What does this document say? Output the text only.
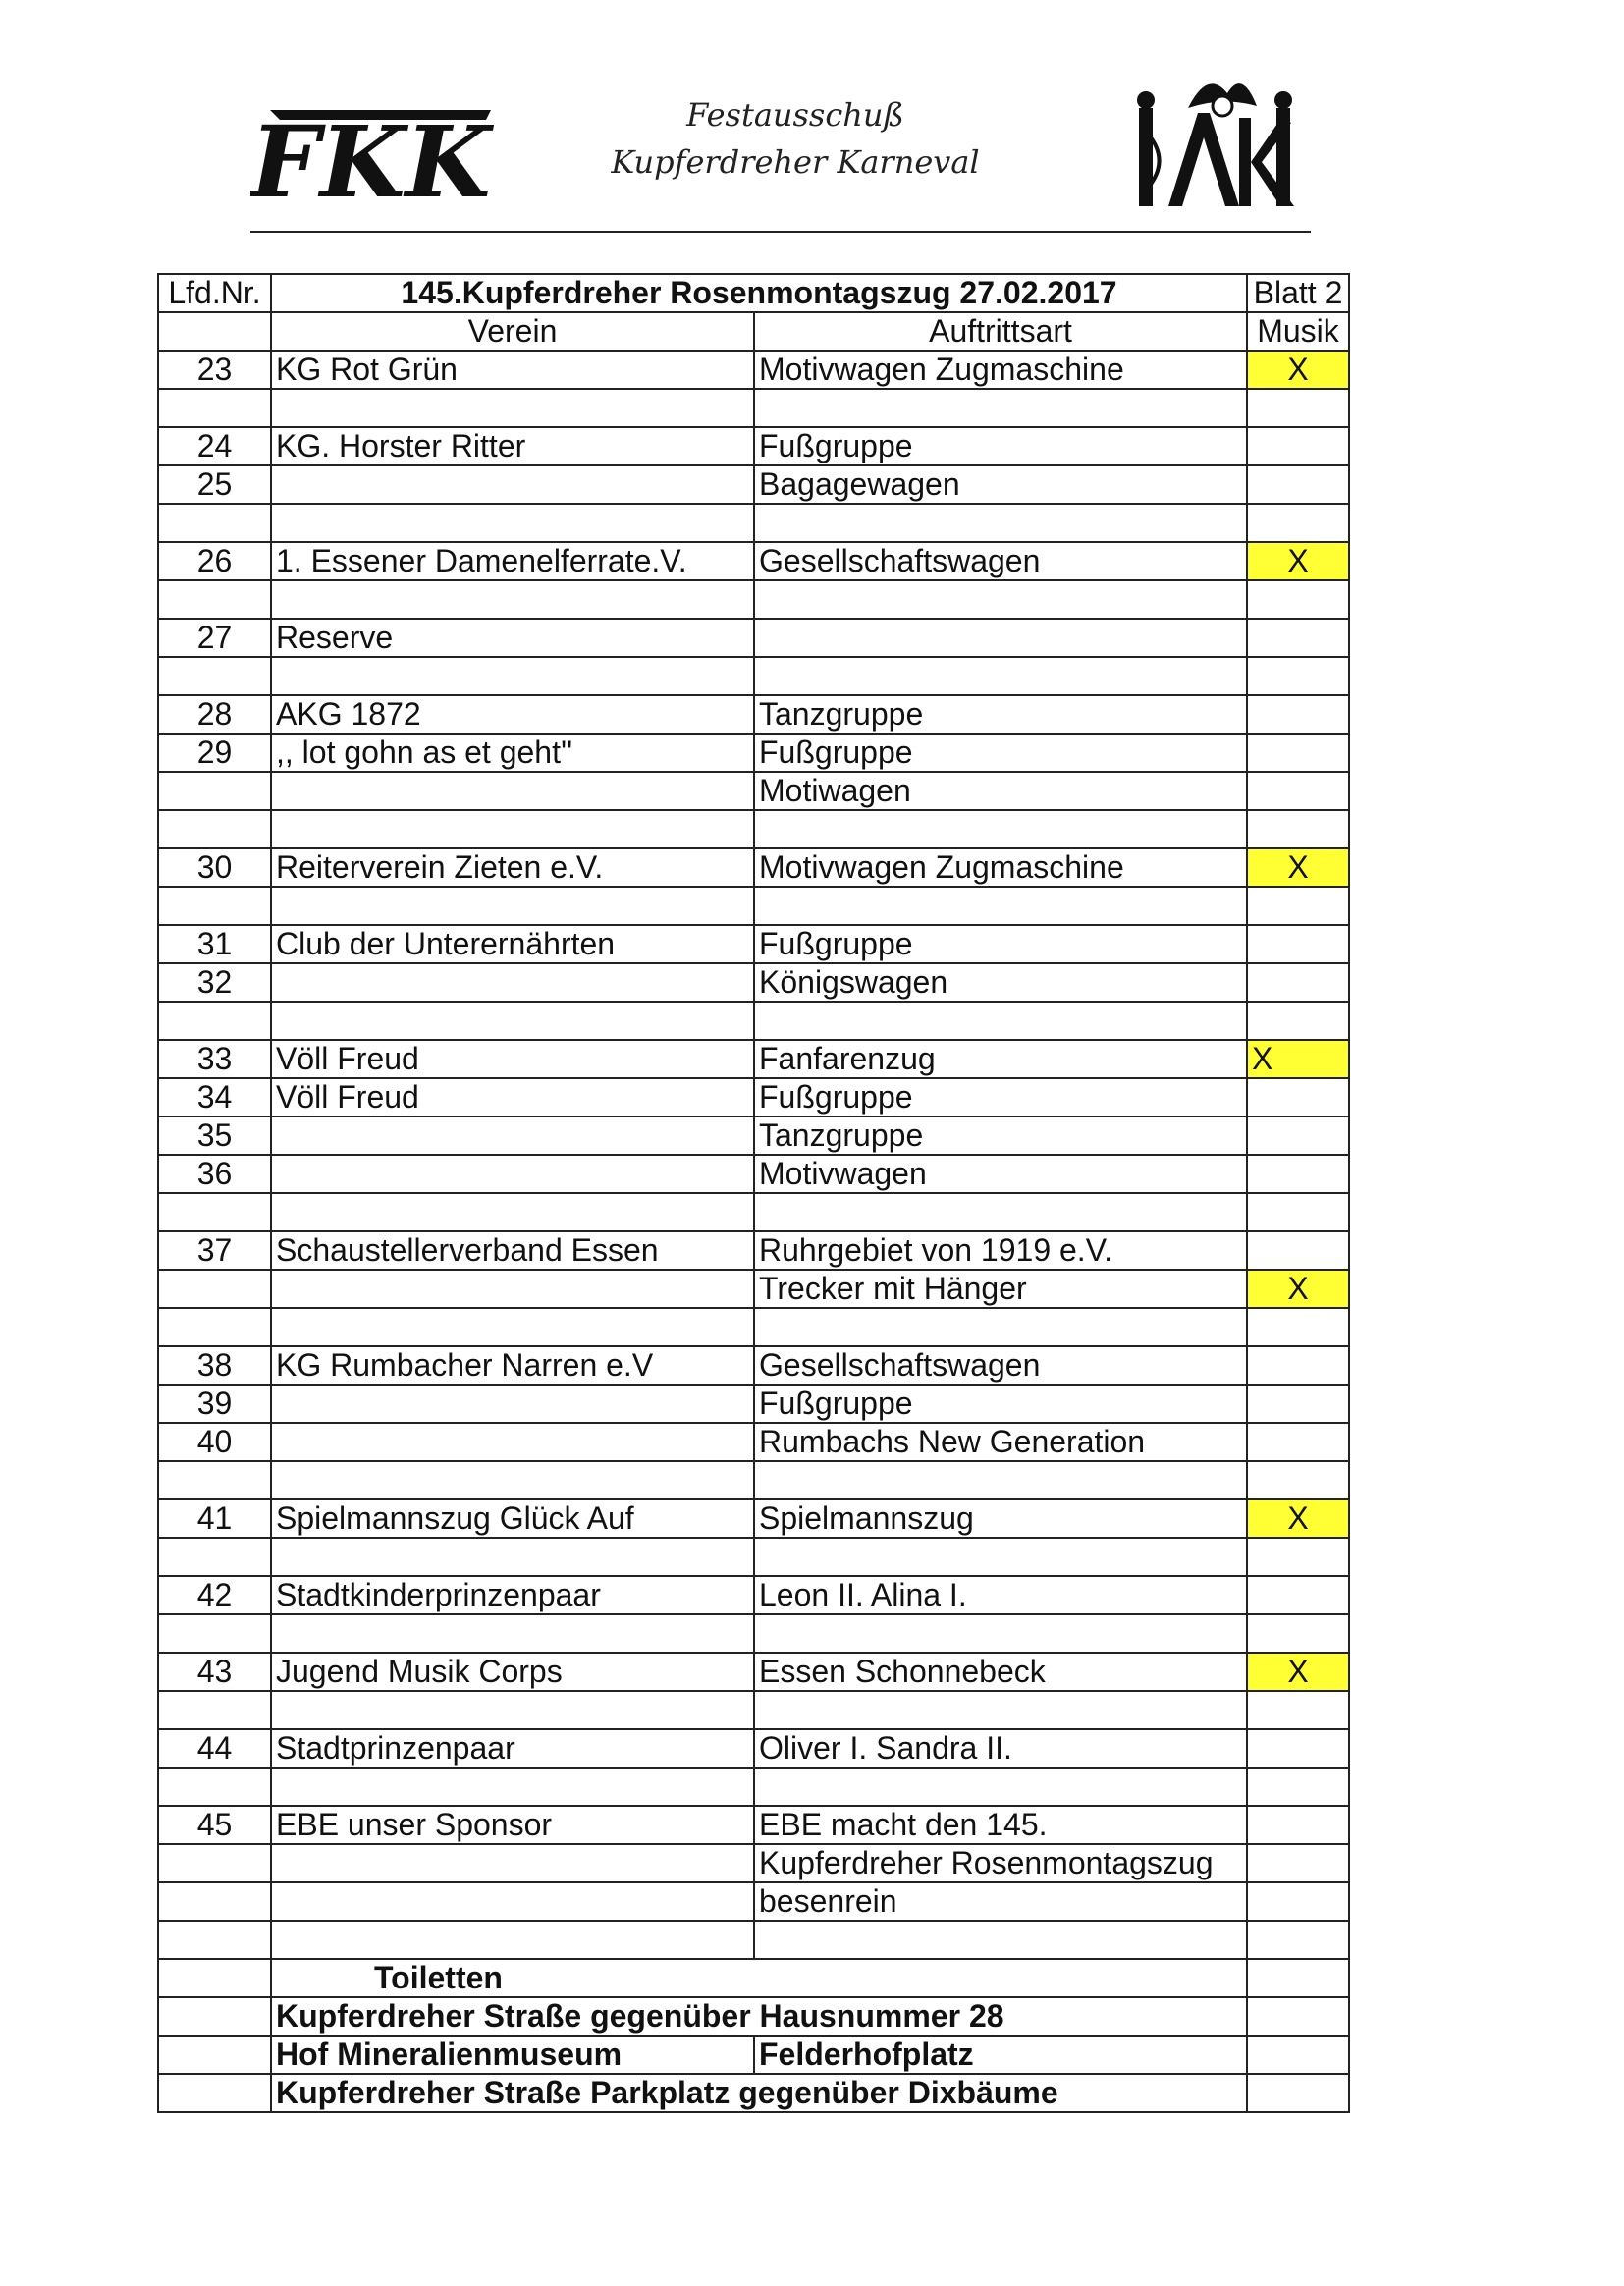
FKK	Festausschuß
Kupferdreher Karneval
Lfd.Nr.	145.Kupferdreher Rosenmontagszug 27.02.2017		Blatt 2
	Verein	Auftrittsart	Musik
23	KG Rot Grün	Motivwagen Zugmaschine	X

24	KG. Horster Ritter	Fußgruppe	
25		Bagagewagen	

26	1. Essener Damenelferrate.V.	Gesellschaftswagen	X

27	Reserve		

28	AKG 1872	Tanzgruppe	
29	,, lot gohn as et geht''	Fußgruppe	
		Motiwagen	

30	Reiterverein Zieten e.V.	Motivwagen Zugmaschine	X

31	Club der Unterernährten	Fußgruppe	
32		Königswagen	

33	Völl Freud	Fanfarenzug	X
34	Völl Freud	Fußgruppe	
35		Tanzgruppe	
36		Motivwagen	

37	Schaustellerverband Essen	Ruhrgebiet von 1919 e.V.	
		Trecker mit Hänger	X

38	KG Rumbacher Narren e.V	Gesellschaftswagen	
39		Fußgruppe	
40		Rumbachs New Generation	

41	Spielmannszug Glück Auf	Spielmannszug	X

42	Stadtkinderprinzenpaar	Leon II. Alina I.	

43	Jugend Musik Corps	Essen Schonnebeck	X

44	Stadtprinzenpaar	Oliver I. Sandra II.	

45	EBE unser Sponsor	EBE macht den 145.	
		Kupferdreher Rosenmontagszug	
		besenrein	

	Toiletten		
	Kupferdreher Straße gegenüber Hausnummer 28		
	Hof Mineralienmuseum	Felderhofplatz	
	Kupferdreher Straße Parkplatz gegenüber Dixbäume		
